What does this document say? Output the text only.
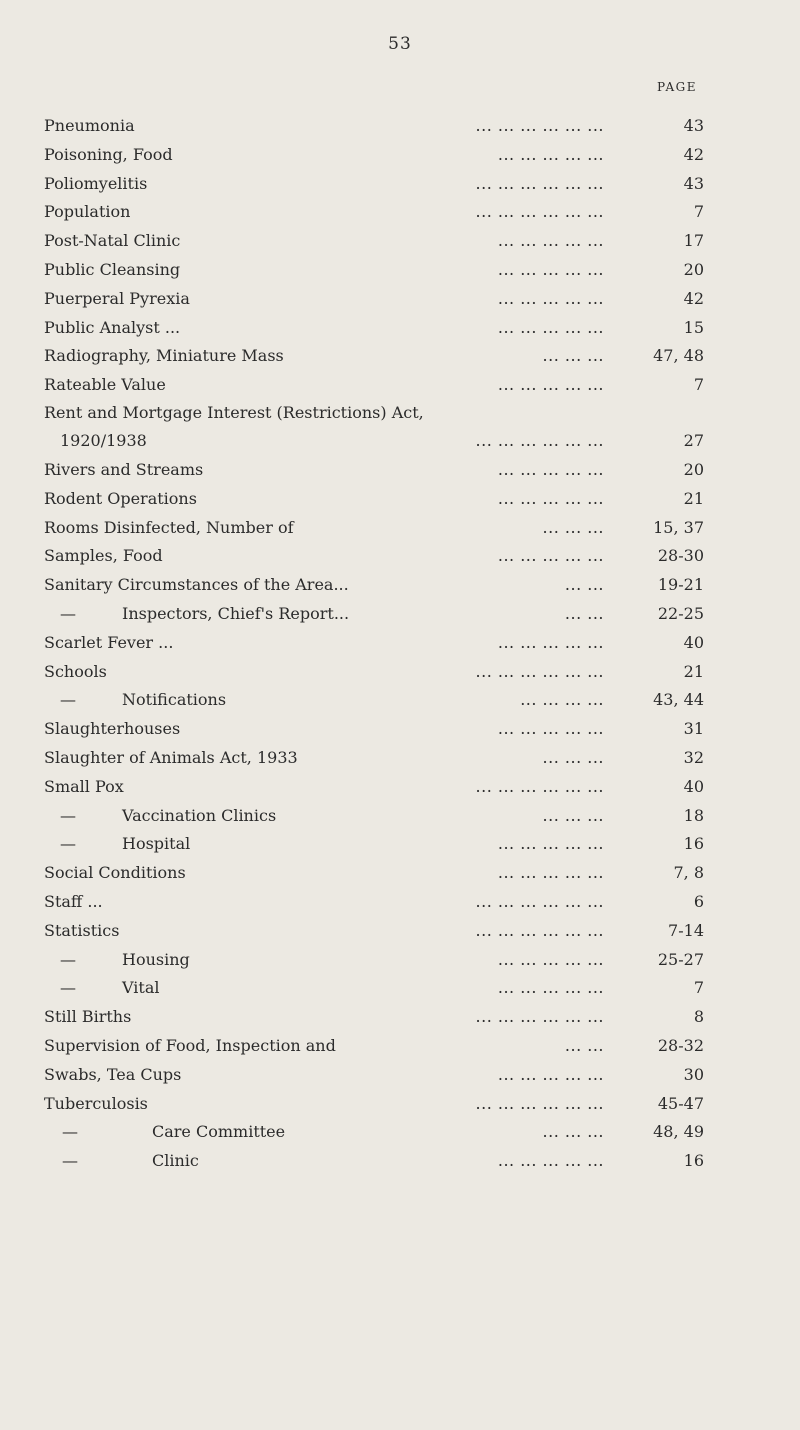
53
PAGE
Pneumonia	... ... ... ... ... ...	43
Poisoning, Food	... ... ... ... ...	42
Poliomyelitis	... ... ... ... ... ...	43
Population	... ... ... ... ... ...	7
Post-Natal Clinic	... ... ... ... ...	17
Public Cleansing	... ... ... ... ...	20
Puerperal Pyrexia	... ... ... ... ...	42
Public Analyst ...	... ... ... ... ...	15
Radiography, Miniature Mass	... ... ...	47, 48
Rateable Value	... ... ... ... ...	7
Rent and Mortgage Interest (Restrictions) Act,
1920/1938	... ... ... ... ... ...	27
Rivers and Streams	... ... ... ... ...	20
Rodent Operations	... ... ... ... ...	21
Rooms Disinfected, Number of	... ... ...	15, 37
Samples, Food	... ... ... ... ...	28-30
Sanitary Circumstances of the Area...	... ...	19-21
—	Inspectors, Chief's Report...	... ...	22-25
Scarlet Fever ...	... ... ... ... ...	40
Schools	... ... ... ... ... ...	21
—	Notifications	... ... ... ...	43, 44
Slaughterhouses	... ... ... ... ...	31
Slaughter of Animals Act, 1933	... ... ...	32
Small Pox	... ... ... ... ... ...	40
—	Vaccination Clinics	... ... ...	18
—	Hospital	... ... ... ... ...	16
Social Conditions	... ... ... ... ...	7, 8
Staff ...	... ... ... ... ... ...	6
Statistics	... ... ... ... ... ...	7-14
—	Housing	... ... ... ... ...	25-27
—	Vital	... ... ... ... ...	7
Still Births	... ... ... ... ... ...	8
Supervision of Food, Inspection and	... ...	28-32
Swabs, Tea Cups	... ... ... ... ...	30
Tuberculosis	... ... ... ... ... ...	45-47
—	Care Committee	... ... ...	48, 49
—	Clinic	... ... ... ... ...	16
